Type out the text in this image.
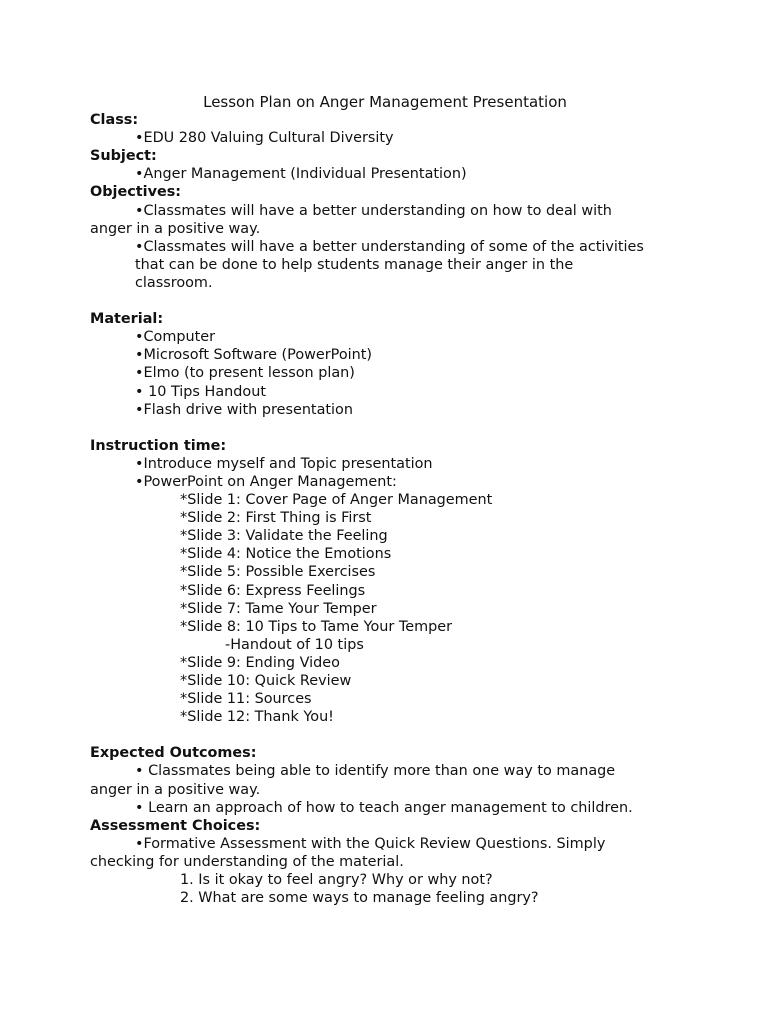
Lesson Plan on Anger Management Presentation
Class:
•EDU 280 Valuing Cultural Diversity
Subject:
•Anger Management (Individual Presentation)
Objectives:
•Classmates will have a better understanding on how to deal with
anger in a positive way.
•Classmates will have a better understanding of some of the activities
that can be done to help students manage their anger in the
classroom.
Material:
•Computer
•Microsoft Software (PowerPoint)
•Elmo (to present lesson plan)
• 10 Tips Handout
•Flash drive with presentation
Instruction time:
•Introduce myself and Topic presentation
•PowerPoint on Anger Management:
*Slide 1: Cover Page of Anger Management
*Slide 2: First Thing is First
*Slide 3: Validate the Feeling
*Slide 4: Notice the Emotions
*Slide 5: Possible Exercises
*Slide 6: Express Feelings
*Slide 7: Tame Your Temper
*Slide 8: 10 Tips to Tame Your Temper
-Handout of 10 tips
*Slide 9: Ending Video
*Slide 10: Quick Review
*Slide 11: Sources
*Slide 12: Thank You!
Expected Outcomes:
• Classmates being able to identify more than one way to manage
anger in a positive way.
• Learn an approach of how to teach anger management to children.
Assessment Choices:
•Formative Assessment with the Quick Review Questions. Simply
checking for understanding of the material.
1. Is it okay to feel angry? Why or why not?
2. What are some ways to manage feeling angry?
